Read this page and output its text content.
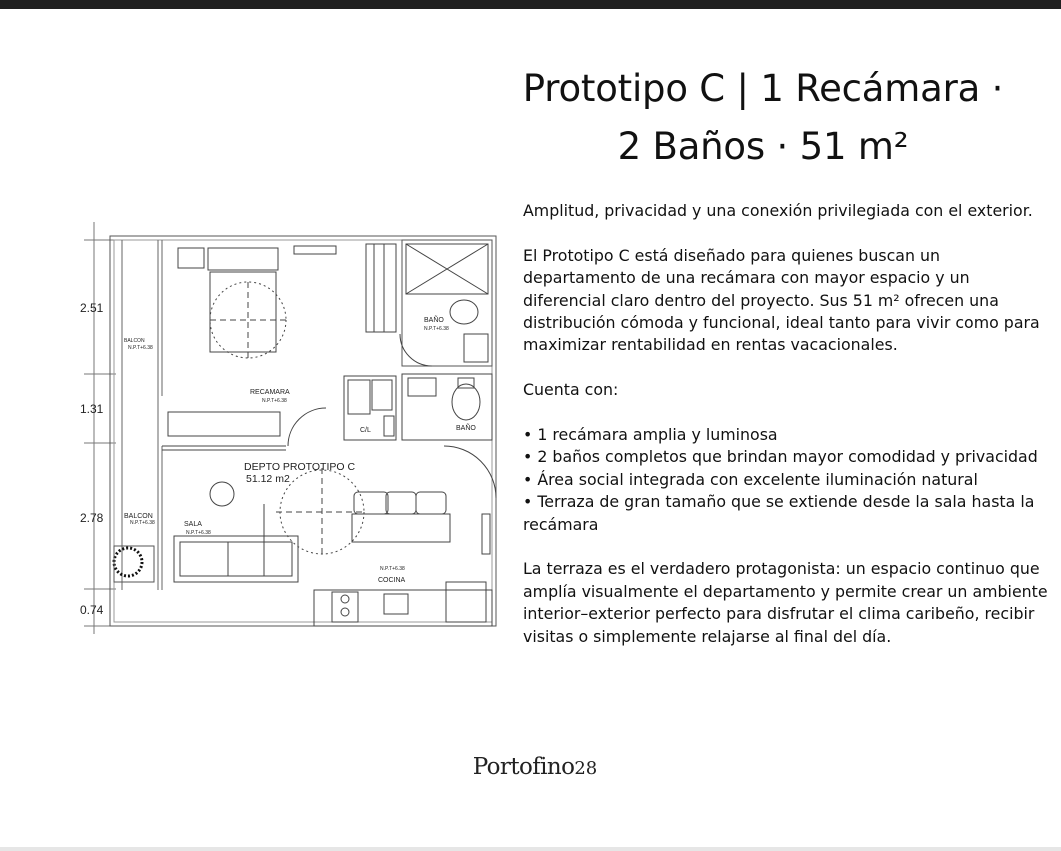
Prototipo C | 1 Recámara ·
2 Baños · 51 m²
2.51
1.31
2.78
0.74
BALCON
N.P.T+6.38
RECAMARA
N.P.T+6.38
BAÑO
N.P.T+6.38
C/L	BAÑO
DEPTO PROTOTIPO C
51.12 m2
BALCON
N.P.T+6.38	SALA
N.P.T+6.38
N.P.T+6.38
COCINA

Amplitud, privacidad y una conexión privilegiada con el exterior.

El Prototipo C está diseñado para quienes buscan un departamento de una recámara con mayor espacio y un diferencial claro dentro del proyecto. Sus 51 m² ofrecen una distribución cómoda y funcional, ideal tanto para vivir como para maximizar rentabilidad en rentas vacacionales.

Cuenta con:

• 1 recámara amplia y luminosa

• 2 baños completos que brindan mayor comodidad y privacidad

• Área social integrada con excelente iluminación natural

• Terraza de gran tamaño que se extiende desde la sala hasta la recámara

La terraza es el verdadero protagonista: un espacio continuo que amplía visualmente el departamento y permite crear un ambiente interior–exterior perfecto para disfrutar el clima caribeño, recibir visitas o simplemente relajarse al final del día.

Portofino28
